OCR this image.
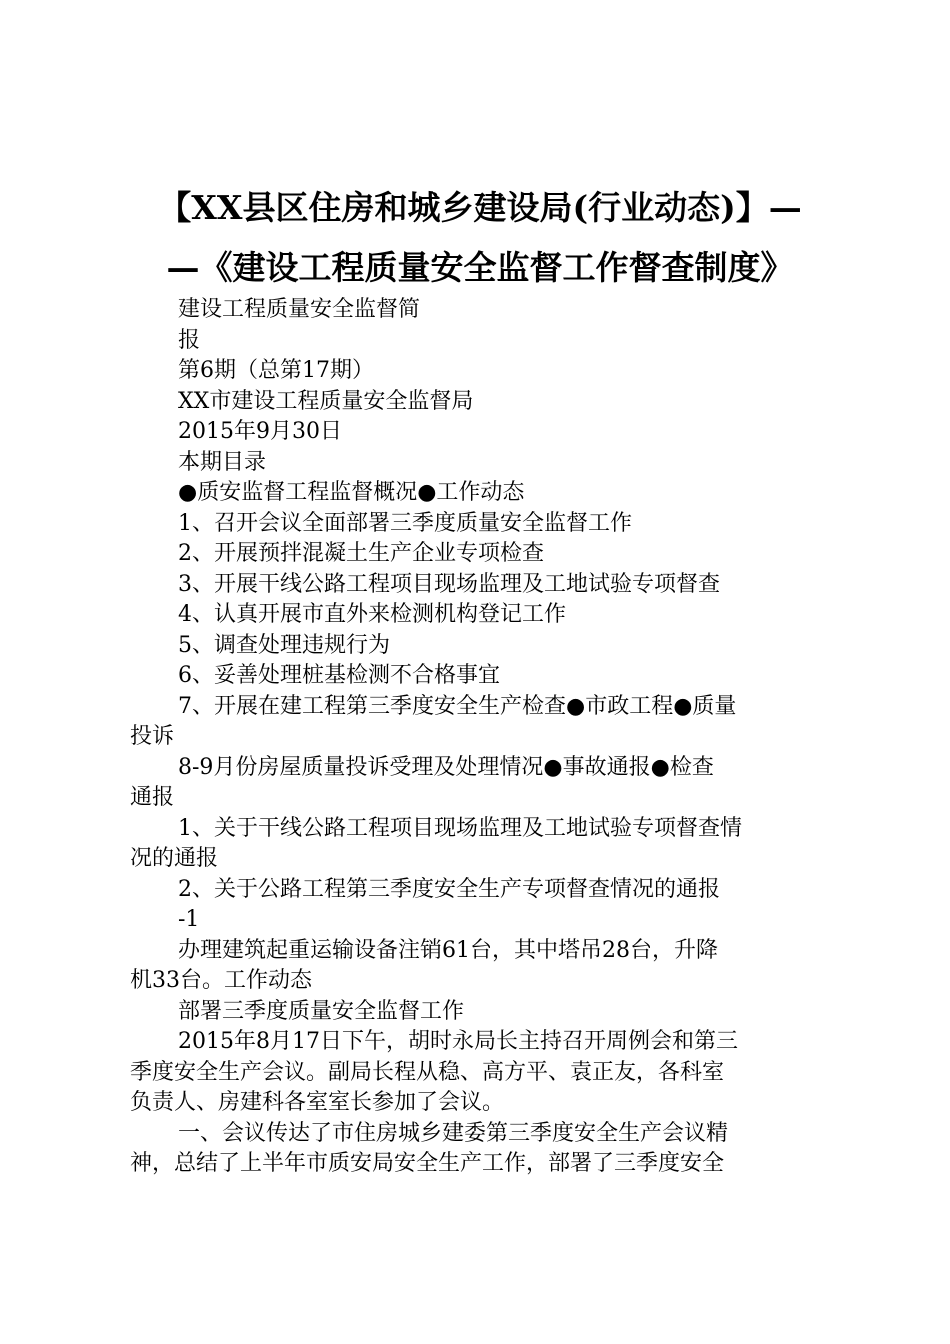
【XX县区住房和城乡建设局(行业动态)】—
—《建设工程质量安全监督工作督查制度》
建设工程质量安全监督简
报
第6期（总第17期）
XX市建设工程质量安全监督局
2015年9月30日
本期目录
●质安监督工程监督概况●工作动态
1、召开会议全面部署三季度质量安全监督工作
2、开展预拌混凝土生产企业专项检查
3、开展干线公路工程项目现场监理及工地试验专项督查
4、认真开展市直外来检测机构登记工作
5、调查处理违规行为
6、妥善处理桩基检测不合格事宜
7、开展在建工程第三季度安全生产检查●市政工程●质量
投诉
8-9月份房屋质量投诉受理及处理情况●事故通报●检查
通报
1、关于干线公路工程项目现场监理及工地试验专项督查情
况的通报
2、关于公路工程第三季度安全生产专项督查情况的通报
-1
办理建筑起重运输设备注销61台，其中塔吊28台，升降
机33台。工作动态
部署三季度质量安全监督工作
2015年8月17日下午，胡时永局长主持召开周例会和第三
季度安全生产会议。副局长程从稳、高方平、袁正友，各科室
负责人、房建科各室室长参加了会议。
一、会议传达了市住房城乡建委第三季度安全生产会议精
神，总结了上半年市质安局安全生产工作，部署了三季度安全
